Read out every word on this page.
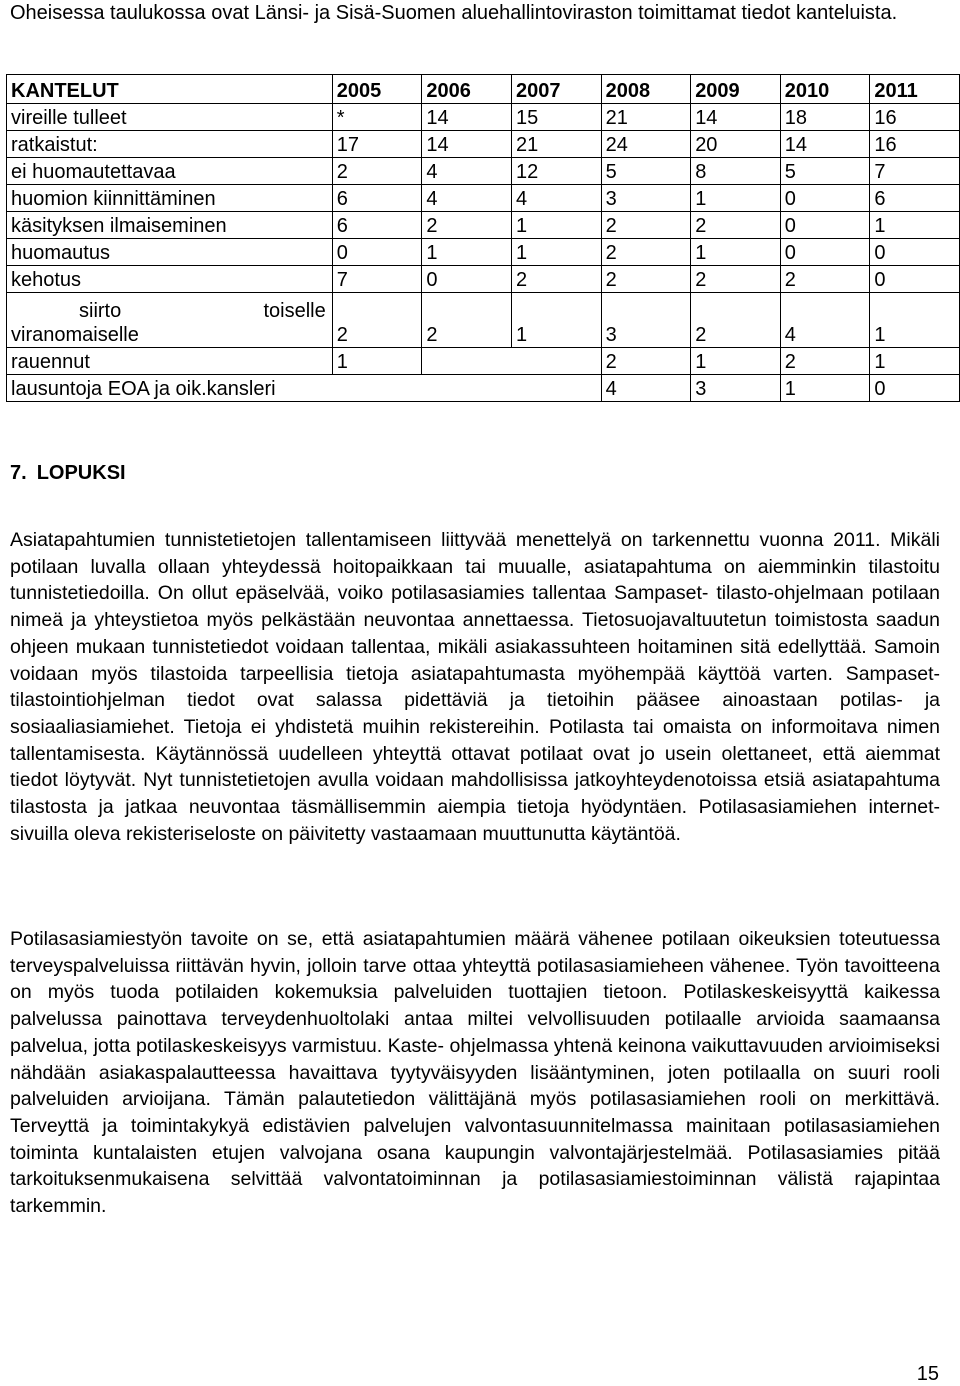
Oheisessa taulukossa ovat Länsi- ja Sisä-Suomen aluehallintoviraston toimittamat tiedot kanteluista.

KANTELUT	2005	2006	2007	2008	2009	2010	2011
vireille tulleet	*	14	15	21	14	18	16
ratkaistut:	17	14	21	24	20	14	16
ei huomautettavaa	2	4	12	5	8	5	7
huomion kiinnittäminen	6	4	4	3	1	0	6
käsityksen ilmaiseminen	6	2	1	2	2	0	1
huomautus	0	1	1	2	1	0	0
kehotus	7	0	2	2	2	2	0

siirto toiselle
viranomaiselle	2	2	1	3	2	4	1
rauennut	1			2	1	2	1
lausuntoja EOA ja oik.kansleri				4	3	1	0
7. LOPUKSI

Asiatapahtumien tunnistetietojen tallentamiseen liittyvää menettelyä on tarkennettu vuonna 2011. Mikäli potilaan luvalla ollaan yhteydessä hoitopaikkaan tai muualle, asiatapahtuma on aiemminkin tilastoitu tunnistetiedoilla. On ollut epäselvää, voiko potilasasiamies tallentaa Sampaset- tilasto-ohjelmaan potilaan nimeä ja yhteystietoa myös pelkästään neuvontaa annettaessa. Tietosuojavaltuutetun toimistosta saadun ohjeen mukaan tunnistetiedot voidaan tallentaa, mikäli asiakassuhteen hoitaminen sitä edellyttää. Samoin voidaan myös tilastoida tarpeellisia tietoja asiatapahtumasta myöhempää käyttöä varten. Sampaset- tilastointiohjelman tiedot ovat salassa pidettäviä ja tietoihin pääsee ainoastaan potilas- ja sosiaaliasiamiehet. Tietoja ei yhdistetä muihin rekistereihin. Potilasta tai omaista on informoitava nimen tallentamisesta. Käytännössä uudelleen yhteyttä ottavat potilaat ovat jo usein olettaneet, että aiemmat tiedot löytyvät. Nyt tunnistetietojen avulla voidaan mahdollisissa jatkoyhteydenotoissa etsiä asiatapahtuma tilastosta ja jatkaa neuvontaa täsmällisemmin aiempia tietoja hyödyntäen. Potilasasiamiehen internet-sivuilla oleva rekisteriseloste on päivitetty vastaamaan muuttunutta käytäntöä.

Potilasasiamiestyön tavoite on se, että asiatapahtumien määrä vähenee potilaan oikeuksien toteutuessa terveyspalveluissa riittävän hyvin, jolloin tarve ottaa yhteyttä potilasasiamieheen vähenee. Työn tavoitteena on myös tuoda potilaiden kokemuksia palveluiden tuottajien tietoon. Potilaskeskeisyyttä kaikessa palvelussa painottava terveydenhuoltolaki antaa miltei velvollisuuden potilaalle arvioida saamaansa palvelua, jotta potilaskeskeisyys varmistuu. Kaste- ohjelmassa yhtenä keinona vaikuttavuuden arvioimiseksi nähdään asiakaspalautteessa havaittava tyytyväisyyden lisääntyminen, joten potilaalla on suuri rooli palveluiden arvioijana. Tämän palautetiedon välittäjänä myös potilasasiamiehen rooli on merkittävä. Terveyttä ja toimintakykyä edistävien palvelujen valvontasuunnitelmassa mainitaan potilasasiamiehen toiminta kuntalaisten etujen valvojana osana kaupungin valvontajärjestelmää. Potilasasiamies pitää tarkoituksenmukaisena selvittää valvontatoiminnan ja potilasasiamiestoiminnan välistä rajapintaa tarkemmin.

15
